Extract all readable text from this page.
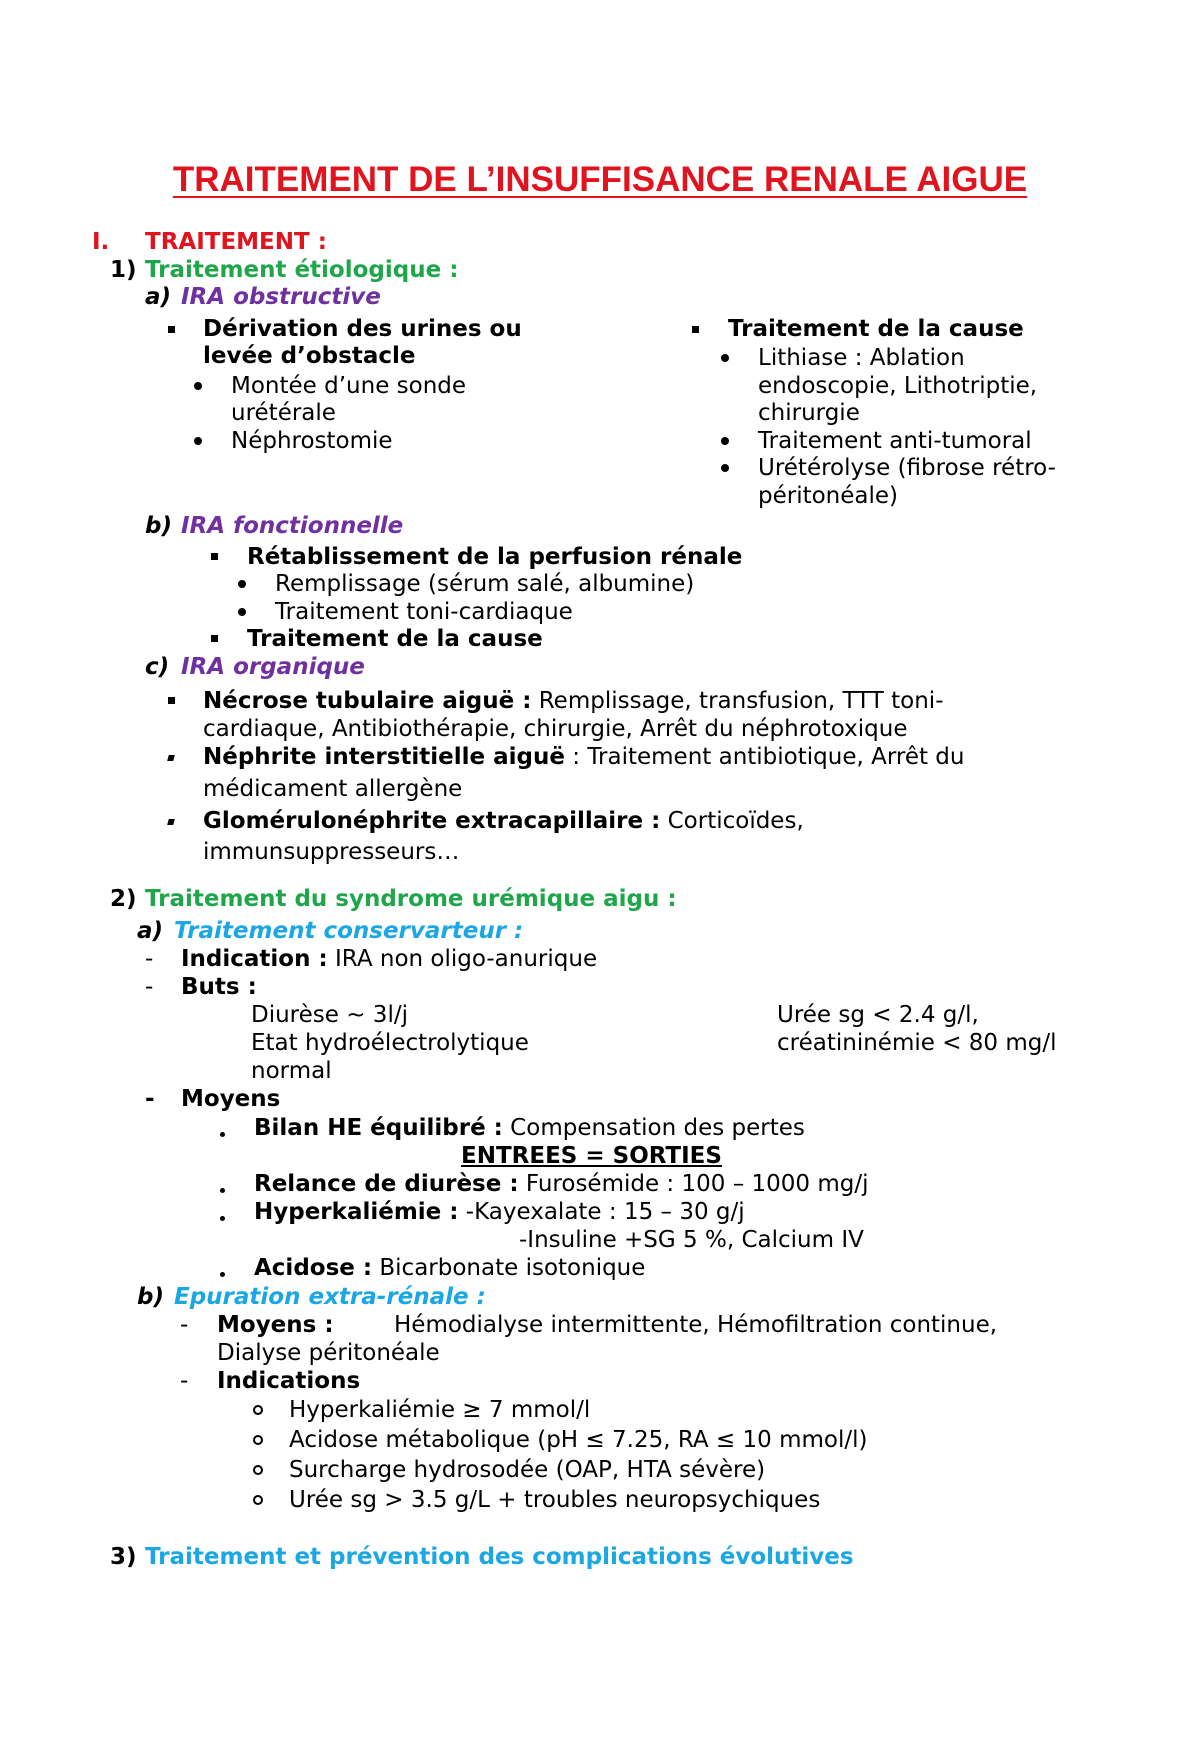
TRAITEMENT DE L’INSUFFISANCE RENALE AIGUE
I. TRAITEMENT :
1) Traitement étiologique :
a) IRA obstructive
Dérivation des urines ou
levée d’obstacle
Montée d’une sonde
urétérale
Néphrostomie
Traitement de la cause
Lithiase : Ablation
endoscopie, Lithotriptie,
chirurgie
Traitement anti-tumoral
Urétérolyse (fibrose rétro-
péritonéale)
b) IRA fonctionnelle
Rétablissement de la perfusion rénale
Remplissage (sérum salé, albumine)
Traitement toni-cardiaque
Traitement de la cause
c) IRA organique
Nécrose tubulaire aiguë : Remplissage, transfusion, TTT toni-
cardiaque, Antibiothérapie, chirurgie, Arrêt du néphrotoxique
Néphrite interstitielle aiguë : Traitement antibiotique, Arrêt du
médicament allergène
Glomérulonéphrite extracapillaire : Corticoïdes,
immunsuppresseurs…
2) Traitement du syndrome urémique aigu :
a) Traitement conservarteur :
- Indication : IRA non oligo-anurique
- Buts :
Diurèse ~ 3l/j
Etat hydroélectrolytique
normal
Urée sg < 2.4 g/l,
créatininémie < 80 mg/l
- Moyens
Bilan HE équilibré : Compensation des pertes
ENTREES = SORTIES
Relance de diurèse : Furosémide : 100 – 1000 mg/j
Hyperkaliémie : -Kayexalate : 15 – 30 g/j
-Insuline +SG 5 %, Calcium IV
Acidose : Bicarbonate isotonique
b) Epuration extra-rénale :
- Moyens :	Hémodialyse intermittente, Hémofiltration continue,
Dialyse péritonéale
- Indications
Hyperkaliémie ≥ 7 mmol/l
Acidose métabolique (pH ≤ 7.25, RA ≤ 10 mmol/l)
Surcharge hydrosodée (OAP, HTA sévère)
Urée sg > 3.5 g/L + troubles neuropsychiques
3) Traitement et prévention des complications évolutives
